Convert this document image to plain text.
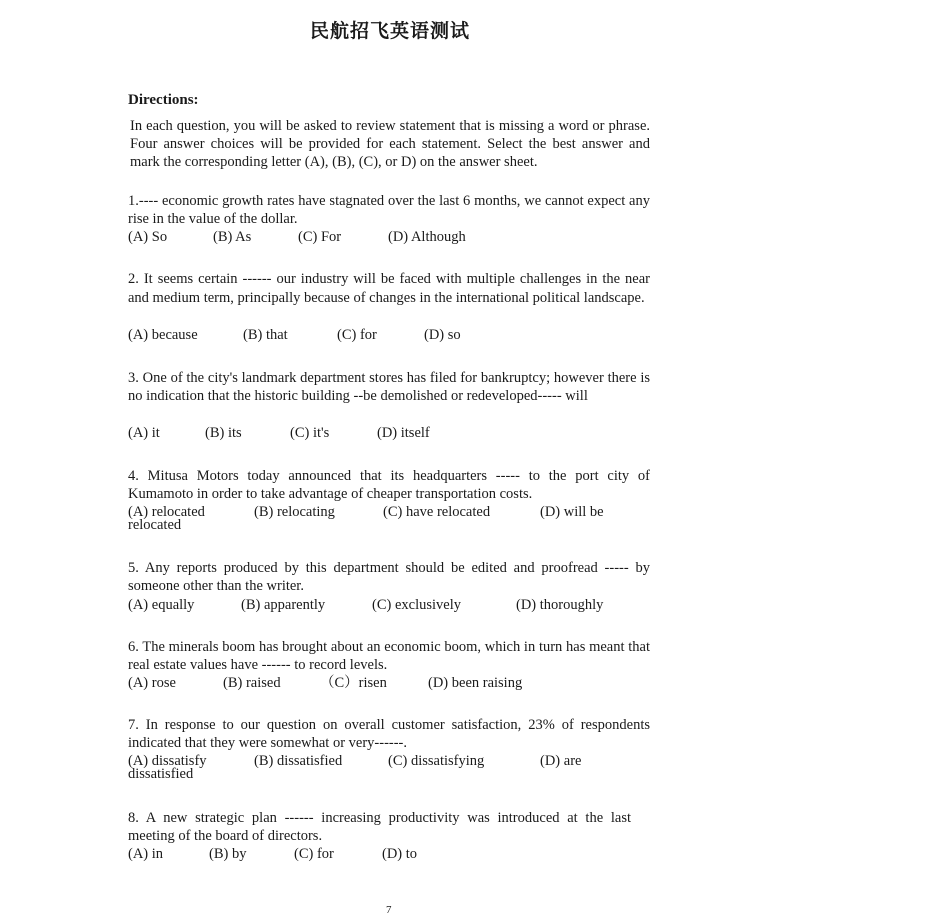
民航招飞英语测试
Directions:
In each question, you will be asked to review statement that is missing a word or phrase. Four answer choices will be provided for each statement. Select the best answer and mark the corresponding letter (A), (B), (C), or D) on the answer sheet.
1.---- economic growth rates have stagnated over the last 6 months, we cannot expect any rise in the value of the dollar.
(A) So	(B) As	(C) For	(D) Although
2. It seems certain ------ our industry will be faced with multiple challenges in the near and medium term, principally because of changes in the international political landscape.
(A) because	(B) that	(C) for	(D) so
3. One of the city's landmark department stores has filed for bankruptcy; however there is no indication that the historic building --be demolished or redeveloped----- will
(A) it	(B) its	(C) it's	(D) itself
4. Mitusa Motors today announced that its headquarters ----- to the port city of Kumamoto in order to take advantage of cheaper transportation costs.
(A) relocated	(B) relocating	(C) have relocated	(D) will be
relocated
5. Any reports produced by this department should be edited and proofread ----- by someone other than the writer.
(A) equally	(B) apparently	(C) exclusively	(D) thoroughly
6. The minerals boom has brought about an economic boom, which in turn has meant that real estate values have ------ to record levels.
(A) rose	(B) raised	（C）risen	(D) been raising
7. In response to our question on overall customer satisfaction, 23% of respondents indicated that they were somewhat or very------.
(A) dissatisfy	(B) dissatisfied	(C) dissatisfying	(D) are
dissatisfied
8. A new strategic plan ------ increasing productivity was introduced at the last meeting of the board of directors.
(A) in	(B) by	(C) for	(D) to
7
